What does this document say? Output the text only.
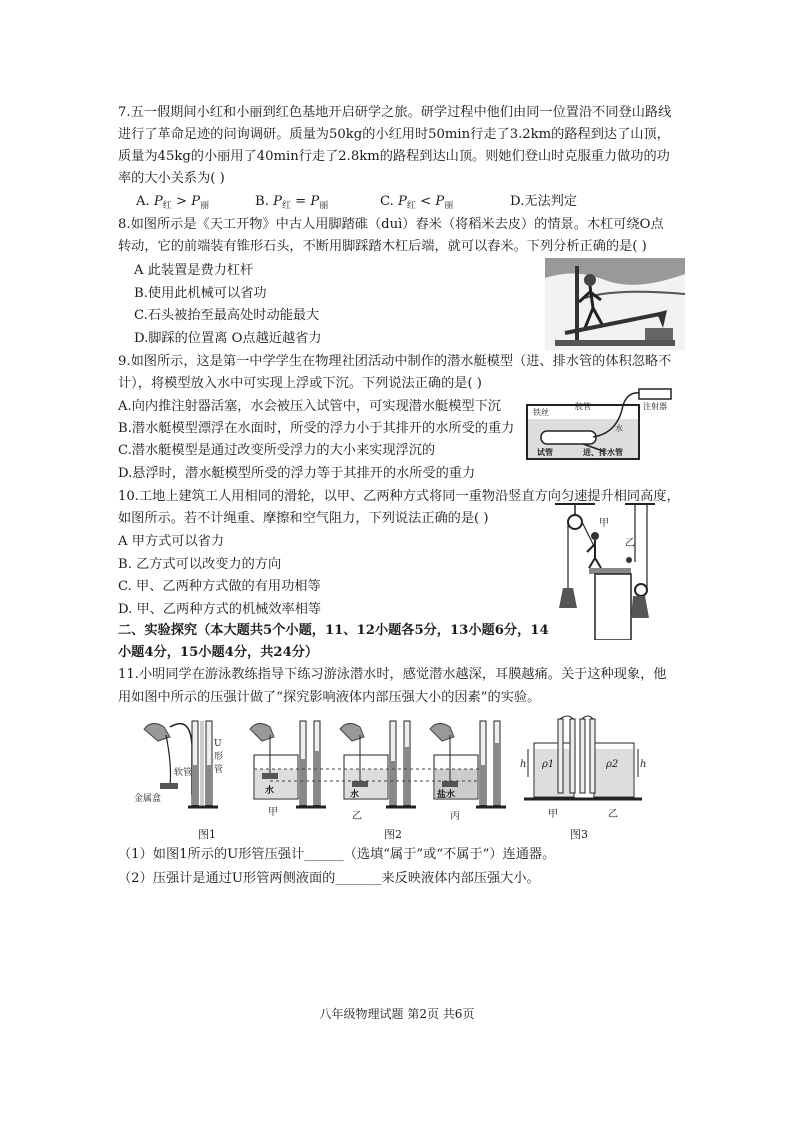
7.五一假期间小红和小丽到红色基地开启研学之旅。研学过程中他们由同一位置沿不同登山路线
进行了革命足迹的问询调研。质量为50kg的小红用时50min行走了3.2km的路程到达了山顶，
质量为45kg的小丽用了40min行走了2.8km的路程到达山顶。则她们登山时克服重力做功的功
率的大小关系为( )
A. $P_红 > P_丽$	B. $P_红 = P_丽$	C. $P_红 < P_丽$	D.无法判定
8.如图所示是《天工开物》中古人用脚踏碓（duì）舂米（将稻米去皮）的情景。木杠可绕O点
转动，它的前端装有锥形石头，不断用脚踩踏木杠后端，就可以舂米。下列分析正确的是( )
A 此装置是费力杠杆
B.使用此机械可以省功
C.石头被抬至最高处时动能最大
D.脚踩的位置离 O点越近越省力
9.如图所示，这是第一中学学生在物理社团活动中制作的潜水艇模型（进、排水管的体积忽略不
计），将模型放入水中可实现上浮或下沉。下列说法正确的是( )
A.向内推注射器活塞，水会被压入试管中，可实现潜水艇模型下沉
B.潜水艇模型漂浮在水面时，所受的浮力小于其排开的水所受的重力
C.潜水艇模型是通过改变所受浮力的大小来实现浮沉的
D.悬浮时，潜水艇模型所受的浮力等于其排开的水所受的重力
铁丝
胶管	注射器
水
试管	进、排水管
10.工地上建筑工人用相同的滑轮，以甲、乙两种方式将同一重物沿竖直方向匀速提升相同高度，
如图所示。若不计绳重、摩擦和空气阻力，下列说法正确的是( )
A 甲方式可以省力
B. 乙方式可以改变力的方向
C. 甲、乙两种方式做的有用功相等
D. 甲、乙两种方式的机械效率相等
甲
乙
二、实验探究（本大题共5个小题，11、12小题各5分，13小题6分，14
小题4分，15小题4分，共24分）
11.小明同学在游泳教练指导下练习游泳潜水时，感觉潜水越深，耳膜越痛。关于这种现象，他
用如图中所示的压强计做了“探究影响液体内部压强大小的因素”的实验。
软管
U形管
金属盒
水
甲
水
乙
盐水
丙
h ρ1	ρ2 h
甲	乙
图1	图2	图3
（1）如图1所示的U形管压强计______（选填“属于”或“不属于”）连通器。
（2）压强计是通过U形管两侧液面的_______来反映液体内部压强大小。
八年级物理试题 第2页 共6页
